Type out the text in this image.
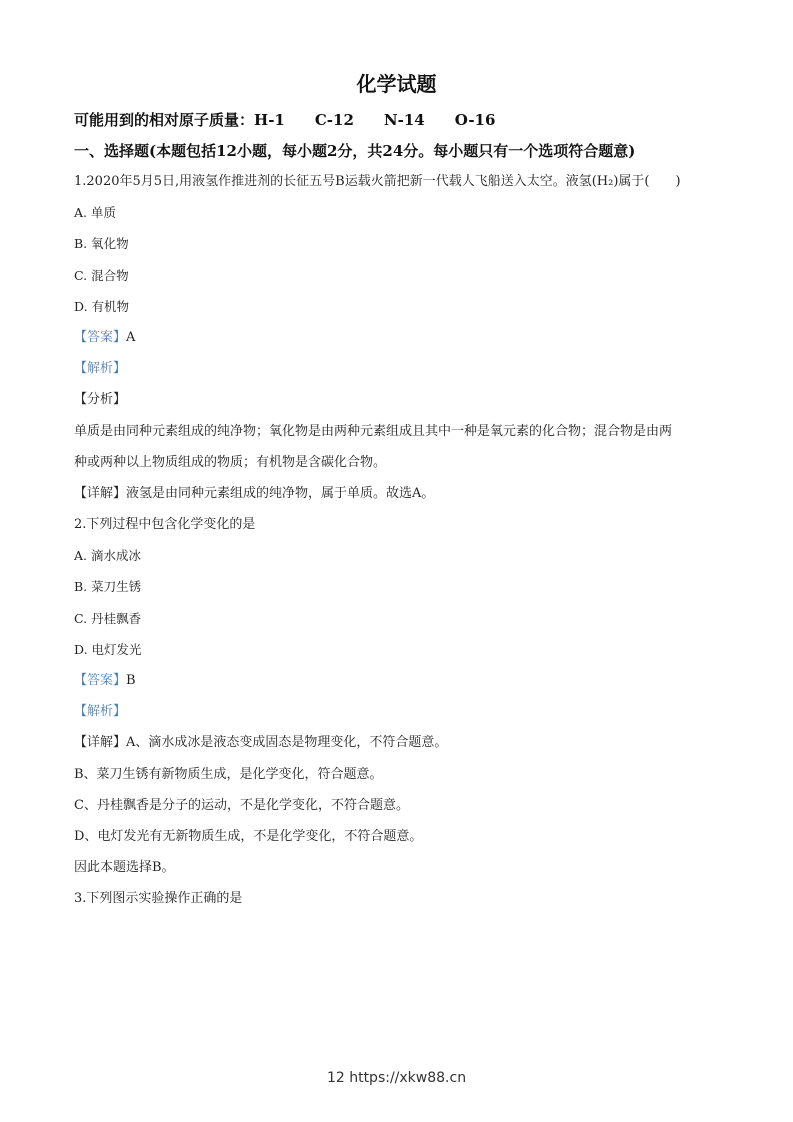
化学试题
可能用到的相对原子质量：H-1 C-12 N-14 O-16
一、选择题(本题包括12小题，每小题2分，共24分。每小题只有一个选项符合题意)
1.2020年5月5日,用液氢作推进剂的长征五号B运载火箭把新一代载人飞船送入太空。液氢(H₂)属于(　　)
A. 单质
B. 氧化物
C. 混合物
D. 有机物
【答案】A
【解析】
【分析】
单质是由同种元素组成的纯净物；氧化物是由两种元素组成且其中一种是氧元素的化合物；混合物是由两
种或两种以上物质组成的物质；有机物是含碳化合物。
【详解】液氢是由同种元素组成的纯净物，属于单质。故选A。
2.下列过程中包含化学变化的是
A. 滴水成冰
B. 菜刀生锈
C. 丹桂飘香
D. 电灯发光
【答案】B
【解析】
【详解】A、滴水成冰是液态变成固态是物理变化，不符合题意。
B、菜刀生锈有新物质生成，是化学变化，符合题意。
C、丹桂飘香是分子的运动，不是化学变化，不符合题意。
D、电灯发光有无新物质生成，不是化学变化，不符合题意。
因此本题选择B。
3.下列图示实验操作正确的是
12 https://xkw88.cn
